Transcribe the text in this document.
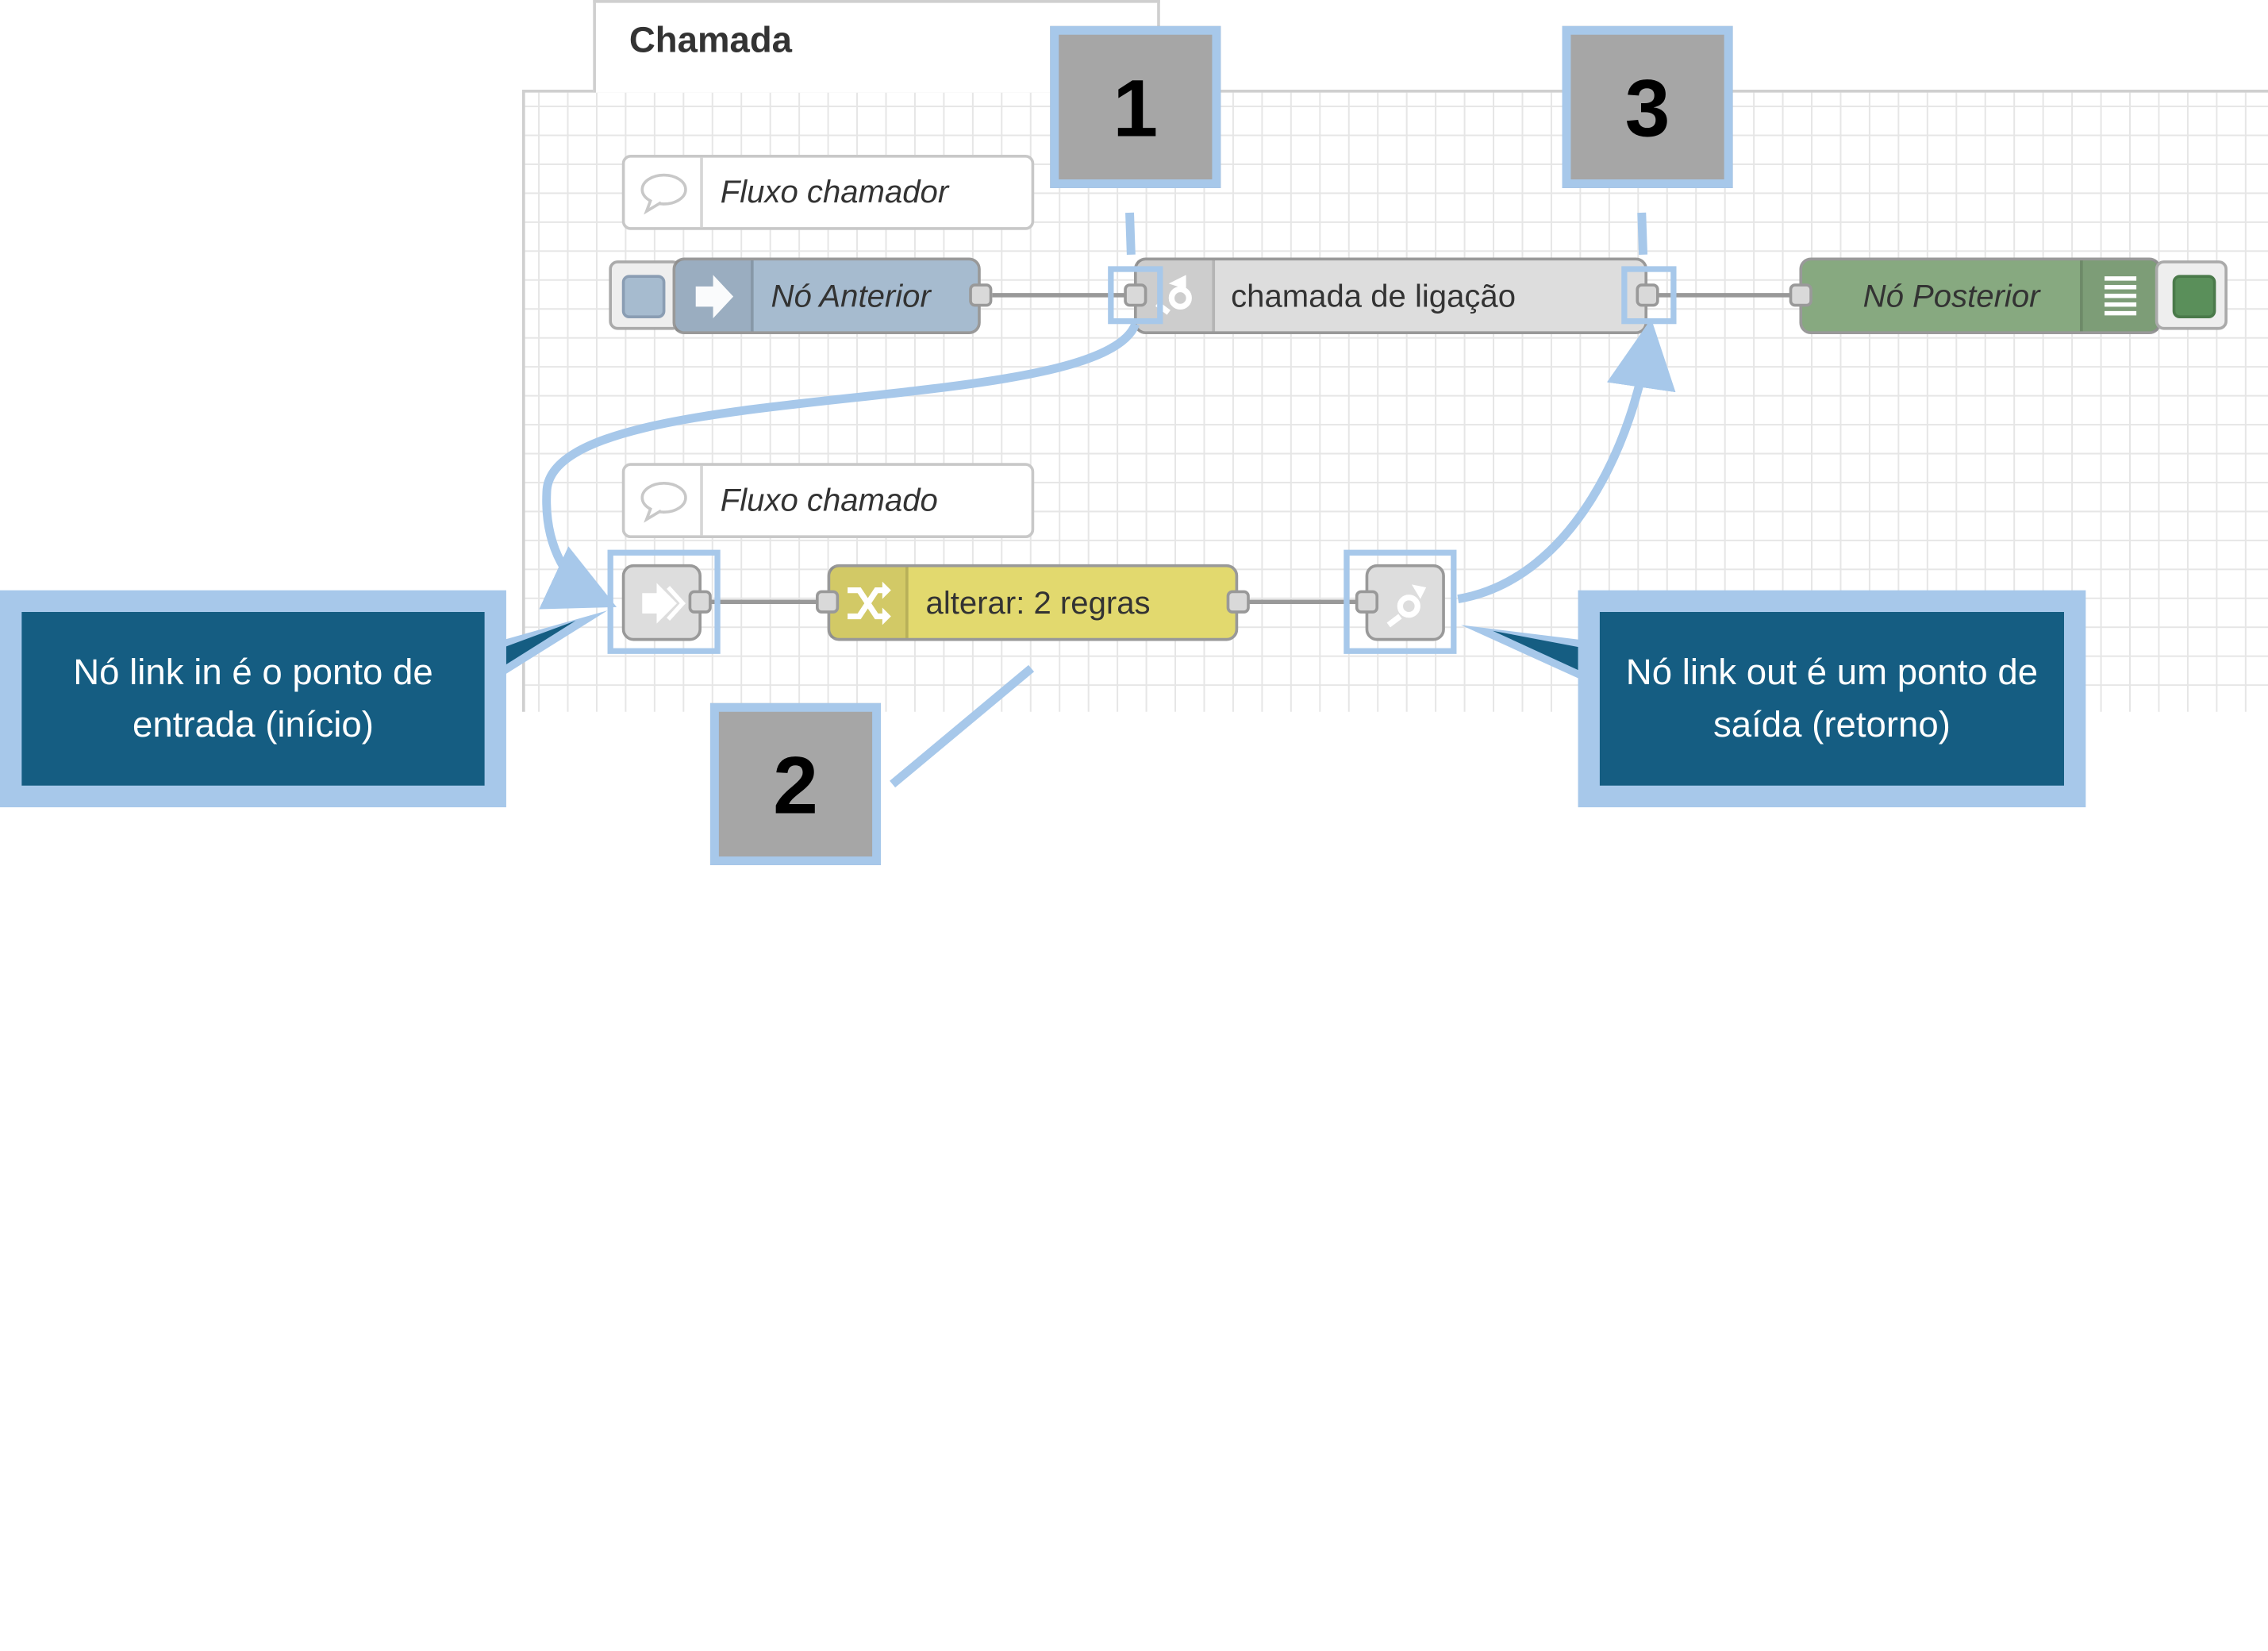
Chamada
Fluxo chamador
Nó Anterior	chamada de ligação	Nó Posterior
Fluxo chamado
alterar: 2 regras
1	3
2
Nó link in é o ponto de entrada (início)
Nó link out é um ponto de saída (retorno)
